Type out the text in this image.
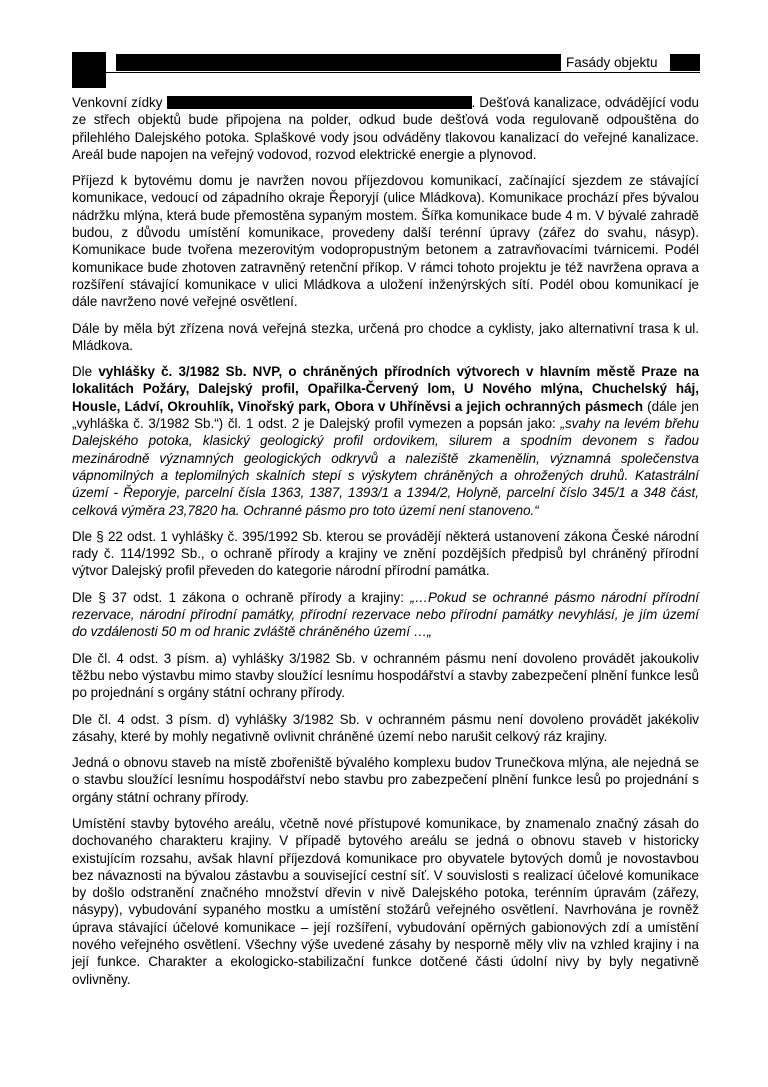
Fasády objektu

Venkovní zídky	. Dešťová kanalizace, odvádějící vodu ze střech objektů bude připojena na polder, odkud bude dešťová voda regulovaně odpouštěna do přilehlého Dalejského potoka. Splaškové vody jsou odváděny tlakovou kanalizací do veřejné kanalizace. Areál bude napojen na veřejný vodovod, rozvod elektrické energie a plynovod.

Příjezd k bytovému domu je navržen novou příjezdovou komunikací, začínající sjezdem ze stávající komunikace, vedoucí od západního okraje Řeporyjí (ulice Mládkova). Komunikace prochází přes bývalou nádržku mlýna, která bude přemostěna sypaným mostem. Šířka komunikace bude 4 m. V bývalé zahradě budou, z důvodu umístění komunikace, provedeny další terénní úpravy (zářez do svahu, násyp). Komunikace bude tvořena mezerovitým vodopropustným betonem a zatravňovacími tvárnicemi. Podél komunikace bude zhotoven zatravněný retenční příkop. V rámci tohoto projektu je též navržena oprava a rozšíření stávající komunikace v ulici Mládkova a uložení inženýrských sítí. Podél obou komunikací je dále navrženo nové veřejné osvětlení.

Dále by měla být zřízena nová veřejná stezka, určená pro chodce a cyklisty, jako alternativní trasa k ul. Mládkova.

Dle vyhlášky č. 3/1982 Sb. NVP, o chráněných přírodních výtvorech v hlavním městě Praze na lokalitách Požáry, Dalejský profil, Opařilka-Červený lom, U Nového mlýna, Chuchelský háj, Housle, Ládví, Okrouhlík, Vinořský park, Obora v Uhříněvsi a jejich ochranných pásmech (dále jen „vyhláška č. 3/1982 Sb.“) čl. 1 odst. 2 je Dalejský profil vymezen a popsán jako: „svahy na levém břehu Dalejského potoka, klasický geologický profil ordovikem, silurem a spodním devonem s řadou mezinárodně významných geologických odkryvů a naleziště zkamenělin, významná společenstva vápnomilných a teplomilných skalních stepí s výskytem chráněných a ohrožených druhů. Katastrální území - Řeporyje, parcelní čísla 1363, 1387, 1393/1 a 1394/2, Holyně, parcelní číslo 345/1 a 348 část, celková výměra 23,7820 ha. Ochranné pásmo pro toto území není stanoveno.“

Dle § 22 odst. 1 vyhlášky č. 395/1992 Sb. kterou se provádějí některá ustanovení zákona České národní rady č. 114/1992 Sb., o ochraně přírody a krajiny ve znění pozdějších předpisů byl chráněný přírodní výtvor Dalejský profil převeden do kategorie národní přírodní památka.

Dle § 37 odst. 1 zákona o ochraně přírody a krajiny: „…Pokud se ochranné pásmo národní přírodní rezervace, národní přírodní památky, přírodní rezervace nebo přírodní památky nevyhlásí, je jím území do vzdálenosti 50 m od hranic zvláště chráněného území …„

Dle čl. 4 odst. 3 písm. a) vyhlášky 3/1982 Sb. v ochranném pásmu není dovoleno provádět jakoukoliv těžbu nebo výstavbu mimo stavby sloužící lesnímu hospodářství a stavby zabezpečení plnění funkce lesů po projednání s orgány státní ochrany přírody.

Dle čl. 4 odst. 3 písm. d) vyhlášky 3/1982 Sb. v ochranném pásmu není dovoleno provádět jakékoliv zásahy, které by mohly negativně ovlivnit chráněné území nebo narušit celkový ráz krajiny.

Jedná o obnovu staveb na místě zbořeniště bývalého komplexu budov Trunečkova mlýna, ale nejedná se o stavbu sloužící lesnímu hospodářství nebo stavbu pro zabezpečení plnění funkce lesů po projednání s orgány státní ochrany přírody.

Umístění stavby bytového areálu, včetně nové přístupové komunikace, by znamenalo značný zásah do dochovaného charakteru krajiny. V případě bytového areálu se jedná o obnovu staveb v historicky existujícím rozsahu, avšak hlavní příjezdová komunikace pro obyvatele bytových domů je novostavbou bez návaznosti na bývalou zástavbu a související cestní síť. V souvislosti s realizací účelové komunikace by došlo odstranění značného množství dřevin v nivě Dalejského potoka, terénním úpravám (zářezy, násypy), vybudování sypaného mostku a umístění stožárů veřejného osvětlení. Navrhována je rovněž úprava stávající účelové komunikace – její rozšíření, vybudování opěrných gabionových zdí a umístění nového veřejného osvětlení. Všechny výše uvedené zásahy by nesporně měly vliv na vzhled krajiny i na její funkce. Charakter a ekologicko-stabilizační funkce dotčené části údolní nivy by byly negativně ovlivněny.
